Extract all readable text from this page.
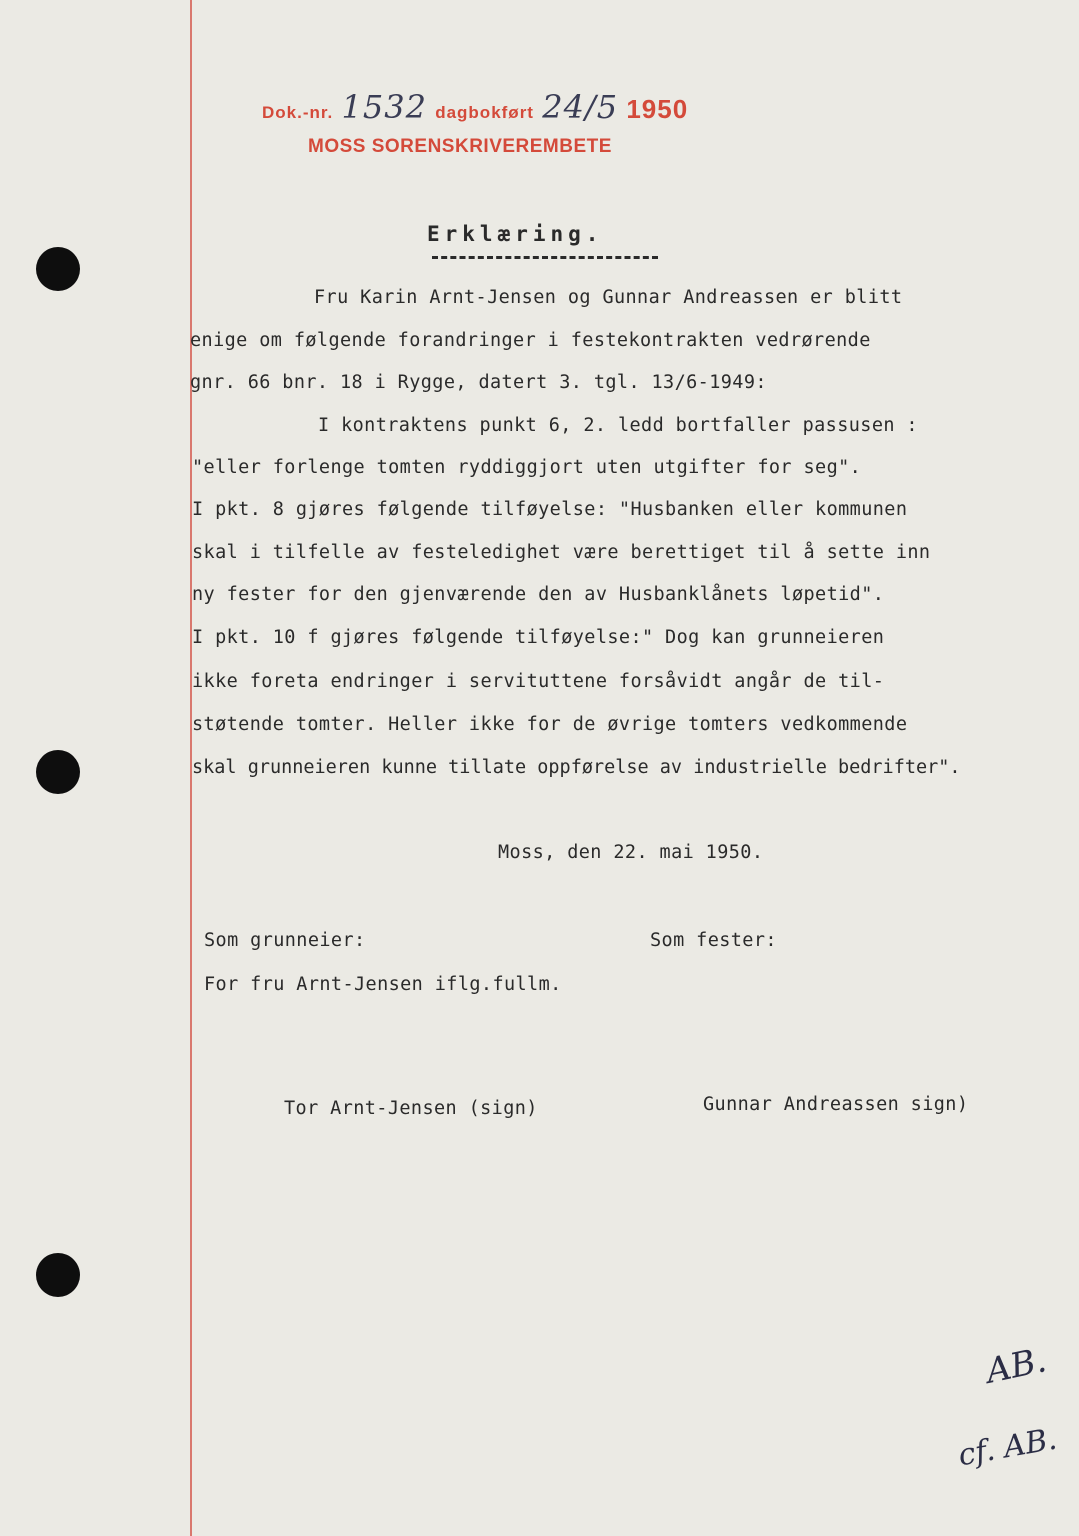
Dok.-nr. 1532 dagbokført 24/5 1950
MOSS SORENSKRIVEREMBETE
Erklæring.
Fru Karin Arnt-Jensen og Gunnar Andreassen er blitt
enige om følgende forandringer i festekontrakten vedrørende
gnr. 66 bnr. 18 i Rygge, datert 3. tgl. 13/6-1949:
I kontraktens punkt 6, 2. ledd bortfaller passusen :
"eller forlenge tomten ryddiggjort uten utgifter for seg".
I pkt. 8 gjøres følgende tilføyelse: "Husbanken eller kommunen
skal i tilfelle av festeledighet være berettiget til å sette inn
ny fester for den gjenværende den av Husbanklånets løpetid".
I pkt. 10 f gjøres følgende tilføyelse:" Dog kan grunneieren
ikke foreta endringer i servituttene forsåvidt angår de til-
støtende tomter. Heller ikke for de øvrige tomters vedkommende
skal grunneieren kunne tillate oppførelse av industrielle bedrifter".
Moss, den 22. mai 1950.
Som grunneier:	Som fester:
For fru Arnt-Jensen iflg.fullm.
Tor Arnt-Jensen (sign)	Gunnar Andreassen sign)
AB.
cf. AB.
